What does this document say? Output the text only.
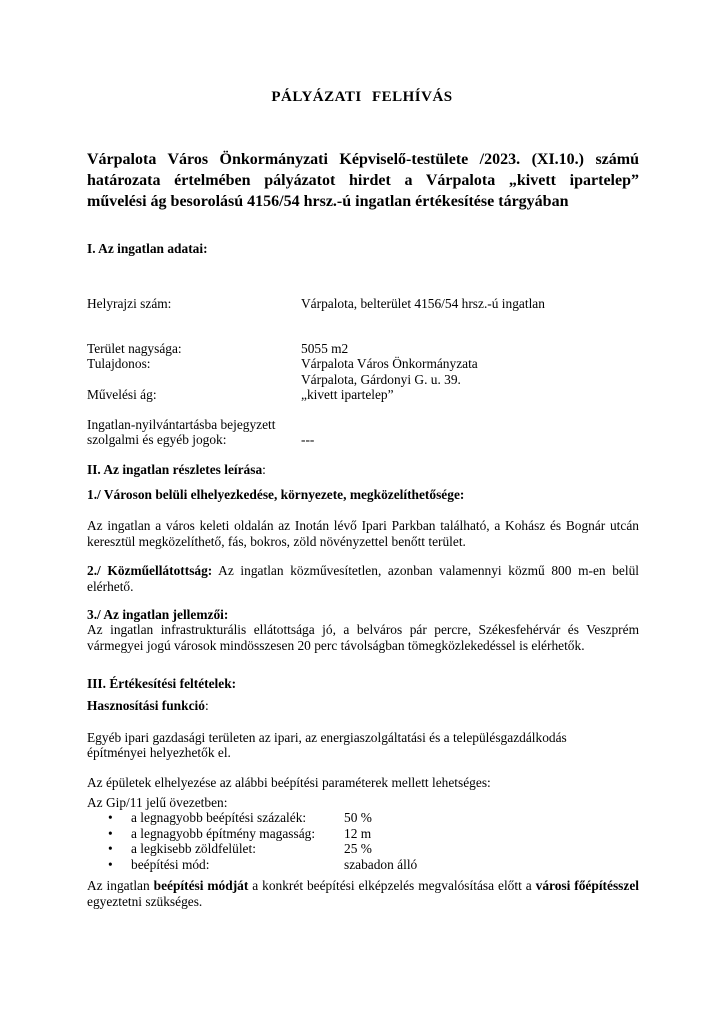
PÁLYÁZATI FELHÍVÁS
Várpalota Város Önkormányzati Képviselő-testülete /2023. (XI.10.) számú
határozata értelmében pályázatot hirdet a Várpalota „kivett ipartelep”
művelési ág besorolású 4156/54 hrsz.-ú ingatlan értékesítése tárgyában
I. Az ingatlan adatai:
Helyrajzi szám:	Várpalota, belterület 4156/54 hrsz.-ú ingatlan
Terület nagysága:	5055 m2
Tulajdonos:	Várpalota Város Önkormányzata
Várpalota, Gárdonyi G. u. 39.
Művelési ág:	„kivett ipartelep”
Ingatlan-nyilvántartásba bejegyzett
szolgalmi és egyéb jogok:	---
II. Az ingatlan részletes leírása:
1./ Városon belüli elhelyezkedése, környezete, megközelíthetősége:
Az ingatlan a város keleti oldalán az Inotán lévő Ipari Parkban található, a Kohász és Bognár utcán
keresztül megközelíthető, fás, bokros, zöld növényzettel benőtt terület.
2./ Közműellátottság: Az ingatlan közművesítetlen, azonban valamennyi közmű 800 m-en belül
elérhető.
3./ Az ingatlan jellemzői:
Az ingatlan infrastrukturális ellátottsága jó, a belváros pár percre, Székesfehérvár és Veszprém
vármegyei jogú városok mindösszesen 20 perc távolságban tömegközlekedéssel is elérhetők.
III. Értékesítési feltételek:
Hasznosítási funkció:
Egyéb ipari gazdasági területen az ipari, az energiaszolgáltatási és a településgazdálkodás
építményei helyezhetők el.
Az épületek elhelyezése az alábbi beépítési paraméterek mellett lehetséges:
Az Gip/11 jelű övezetben:
• a legnagyobb beépítési százalék:	50 %
• a legnagyobb építmény magasság: 12 m
• a legkisebb zöldfelület:	25 %
• beépítési mód:	szabadon álló
Az ingatlan beépítési módját a konkrét beépítési elképzelés megvalósítása előtt a városi főépítésszel
egyeztetni szükséges.
